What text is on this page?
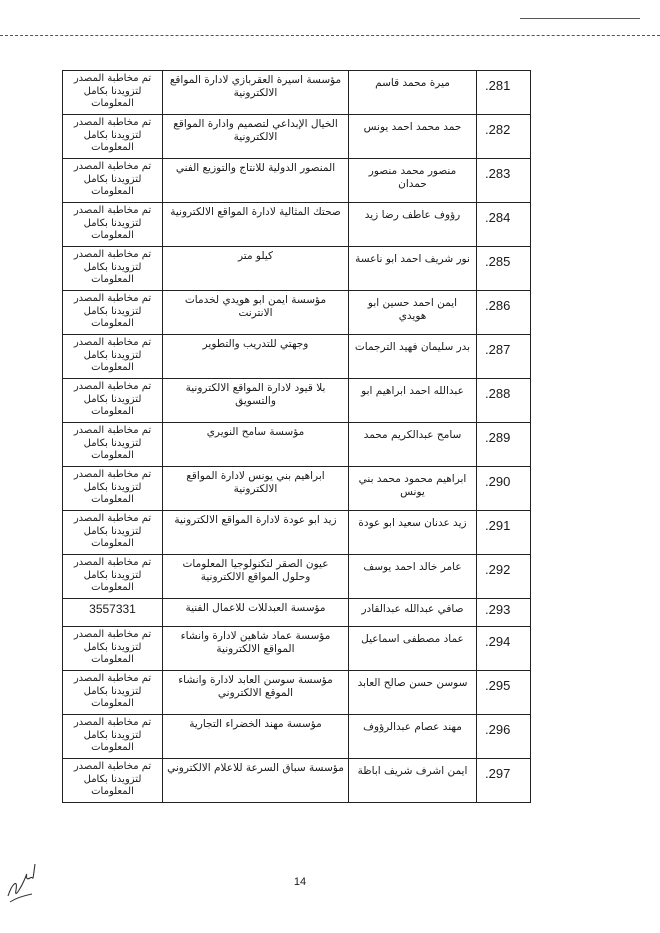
.281	ميرة محمد قاسم	مؤسسة اسيرة العقربازي لادارة المواقع الالكترونية	تم مخاطبة المصدر لتزويدنا بكامل المعلومات
.282	حمد محمد احمد يونس	الخيال الإبداعي لتصميم وادارة المواقع الالكترونية	تم مخاطبة المصدر لتزويدنا بكامل المعلومات
.283	منصور محمد منصور حمدان	المنصور الدولية للانتاج والتوزيع الفني	تم مخاطبة المصدر لتزويدنا بكامل المعلومات
.284	رؤوف عاطف رضا زيد	صحتك المثالية لادارة المواقع الالكترونية	تم مخاطبة المصدر لتزويدنا بكامل المعلومات
.285	نور شريف احمد ابو ناعسة	كيلو متر	تم مخاطبة المصدر لتزويدنا بكامل المعلومات
.286	ايمن احمد حسين ابو هويدي	مؤسسة ايمن ابو هويدي لخدمات الانترنت	تم مخاطبة المصدر لتزويدنا بكامل المعلومات
.287	بدر سليمان فهيد الترجمات	وجهتي للتدريب والتطوير	تم مخاطبة المصدر لتزويدنا بكامل المعلومات
.288	عبدالله احمد ابراهيم ابو	بلا قيود لادارة المواقع الالكترونية والتسويق	تم مخاطبة المصدر لتزويدنا بكامل المعلومات
.289	سامح عبدالكريم محمد	مؤسسة سامح النويري	تم مخاطبة المصدر لتزويدنا بكامل المعلومات
.290	ابراهيم محمود محمد بني يونس	ابراهيم بني يونس لادارة المواقع الالكترونية	تم مخاطبة المصدر لتزويدنا بكامل المعلومات
.291	زيد عدنان سعيد ابو عودة	زيد ابو عودة لادارة المواقع الالكترونية	تم مخاطبة المصدر لتزويدنا بكامل المعلومات
.292	عامر خالد احمد يوسف	عيون الصقر لتكنولوجيا المعلومات وحلول المواقع الالكترونية	تم مخاطبة المصدر لتزويدنا بكامل المعلومات
.293	صافي عبدالله عبدالقادر	مؤسسة العبدللات للاعمال الفنية	3557331
.294	عماد مصطفى اسماعيل	مؤسسة عماد شاهين لادارة وانشاء المواقع الالكترونية	تم مخاطبة المصدر لتزويدنا بكامل المعلومات
.295	سوسن حسن صالح العابد	مؤسسة سوسن العابد لادارة وانشاء الموقع الالكتروني	تم مخاطبة المصدر لتزويدنا بكامل المعلومات
.296	مهند عصام عبدالرؤوف	مؤسسة مهند الخضراء التجارية	تم مخاطبة المصدر لتزويدنا بكامل المعلومات
.297	ايمن اشرف شريف اباظة	مؤسسة سباق السرعة للاعلام الالكتروني	تم مخاطبة المصدر لتزويدنا بكامل المعلومات
14
